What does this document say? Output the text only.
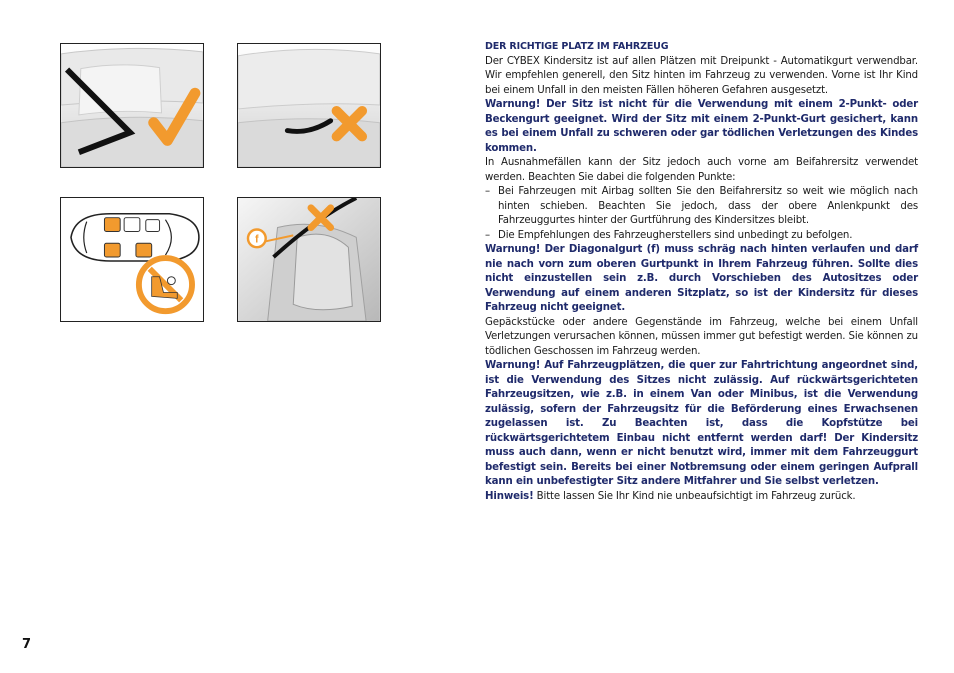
f

DER RICHTIGE PLATZ IM FAHRZEUG

Der CYBEX Kindersitz ist auf allen Plätzen mit Dreipunkt - Automatikgurt verwendbar. Wir empfehlen generell, den Sitz hinten im Fahrzeug zu verwenden. Vorne ist Ihr Kind bei einem Unfall in den meisten Fällen höheren Gefahren ausgesetzt.

Warnung! Der Sitz ist nicht für die Verwendung mit einem 2-Punkt- oder Beckengurt geeignet. Wird der Sitz mit einem 2-Punkt-Gurt gesichert, kann es bei einem Unfall zu schweren oder gar tödlichen Verletzungen des Kindes kommen.

In Ausnahmefällen kann der Sitz jedoch auch vorne am Beifahrersitz verwendet werden. Beachten Sie dabei die folgenden Punkte:

– Bei Fahrzeugen mit Airbag sollten Sie den Beifahrersitz so weit wie möglich nach hinten schieben. Beachten Sie jedoch, dass der obere Anlenkpunkt des Fahrzeuggurtes hinter der Gurtführung des Kindersitzes bleibt.
– Die Empfehlungen des Fahrzeugherstellers sind unbedingt zu befolgen.

Warnung! Der Diagonalgurt (f) muss schräg nach hinten verlaufen und darf nie nach vorn zum oberen Gurtpunkt in Ihrem Fahrzeug führen. Sollte dies nicht einzustellen sein z.B. durch Vorschieben des Autositzes oder Verwendung auf einem anderen Sitzplatz, so ist der Kindersitz für dieses Fahrzeug nicht geeignet.

Gepäckstücke oder andere Gegenstände im Fahrzeug, welche bei einem Unfall Verletzungen verursachen können, müssen immer gut befestigt werden. Sie können zu tödlichen Geschossen im Fahrzeug werden.

Warnung! Auf Fahrzeugplätzen, die quer zur Fahrtrichtung angeordnet sind, ist die Verwendung des Sitzes nicht zulässig. Auf rückwärtsgerichteten Fahrzeugsitzen, wie z.B. in einem Van oder Minibus, ist die Verwendung zulässig, sofern der Fahrzeugsitz für die Beförderung eines Erwachsenen zugelassen ist. Zu Beachten ist, dass die Kopfstütze bei rückwärtsgerichtetem Einbau nicht entfernt werden darf! Der Kindersitz muss auch dann, wenn er nicht benutzt wird, immer mit dem Fahrzeuggurt befestigt sein. Bereits bei einer Notbremsung oder einem geringen Aufprall kann ein unbefestigter Sitz andere Mitfahrer und Sie selbst verletzen.

Hinweis! Bitte lassen Sie Ihr Kind nie unbeaufsichtigt im Fahrzeug zurück.

7
